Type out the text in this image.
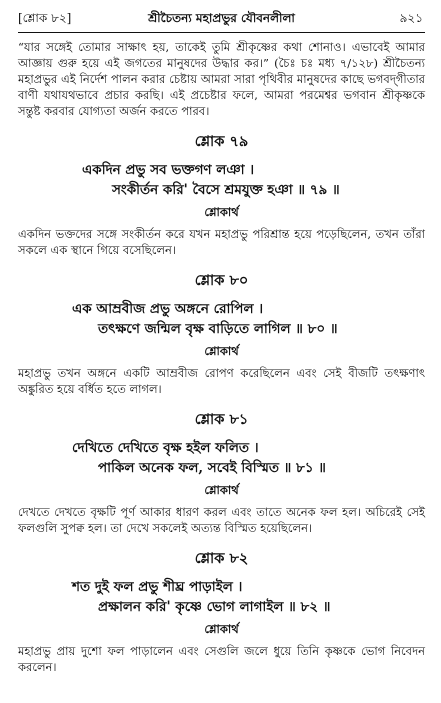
[শ্লোক ৮২]	শ্রীচৈতন্য মহাপ্রভুর যৌবনলীলা	৯২১

“যার সঙ্গেই তোমার সাক্ষাৎ হয়, তাকেই তুমি শ্রীকৃষ্ণের কথা শোনাও। এভাবেই আমার আজ্ঞায় গুরু হয়ে এই জগতের মানুষদের উদ্ধার কর।” (চৈঃ চঃ মধ্য ৭/১২৮) শ্রীচৈতন্য মহাপ্রভুর এই নির্দেশ পালন করার চেষ্টায় আমরা সারা পৃথিবীর মানুষদের কাছে ভগবদ্‌গীতার বাণী যথাযথভাবে প্রচার করছি। এই প্রচেষ্টার ফলে, আমরা পরমেশ্বর ভগবান শ্রীকৃষ্ণকে সন্তুষ্ট করবার যোগ্যতা অর্জন করতে পারব।

শ্লোক ৭৯
একদিন প্রভু সব ভক্তগণ লঞা ।
সংকীর্তন করি' বৈসে শ্রমযুক্ত হঞা ॥ ৭৯ ॥
শ্লোকার্থ

একদিন ভক্তদের সঙ্গে সংকীর্তন করে যখন মহাপ্রভু পরিশ্রান্ত হয়ে পড়েছিলেন, তখন তাঁরা সকলে এক স্থানে গিয়ে বসেছিলেন।

শ্লোক ৮০
এক আম্রবীজ প্রভু অঙ্গনে রোপিল ।
তৎক্ষণে জন্মিল বৃক্ষ বাড়িতে লাগিল ॥ ৮০ ॥
শ্লোকার্থ

মহাপ্রভু তখন অঙ্গনে একটি আম্রবীজ রোপণ করেছিলেন এবং সেই বীজটি তৎক্ষণাৎ অঙ্কুরিত হয়ে বর্ধিত হতে লাগল।

শ্লোক ৮১
দেখিতে দেখিতে বৃক্ষ হইল ফলিত ।
পাকিল অনেক ফল, সবেই বিস্মিত ॥ ৮১ ॥
শ্লোকার্থ

দেখতে দেখতে বৃক্ষটি পূর্ণ আকার ধারণ করল এবং তাতে অনেক ফল হল। অচিরেই সেই ফলগুলি সুপক্ব হল। তা দেখে সকলেই অত্যন্ত বিস্মিত হয়েছিলেন।

শ্লোক ৮২
শত দুই ফল প্রভু শীঘ্র পাড়াইল ।
প্রক্ষালন করি' কৃষ্ণে ভোগ লাগাইল ॥ ৮২ ॥
শ্লোকার্থ

মহাপ্রভু প্রায় দুশো ফল পাড়ালেন এবং সেগুলি জলে ধুয়ে তিনি কৃষ্ণকে ভোগ নিবেদন করলেন।
